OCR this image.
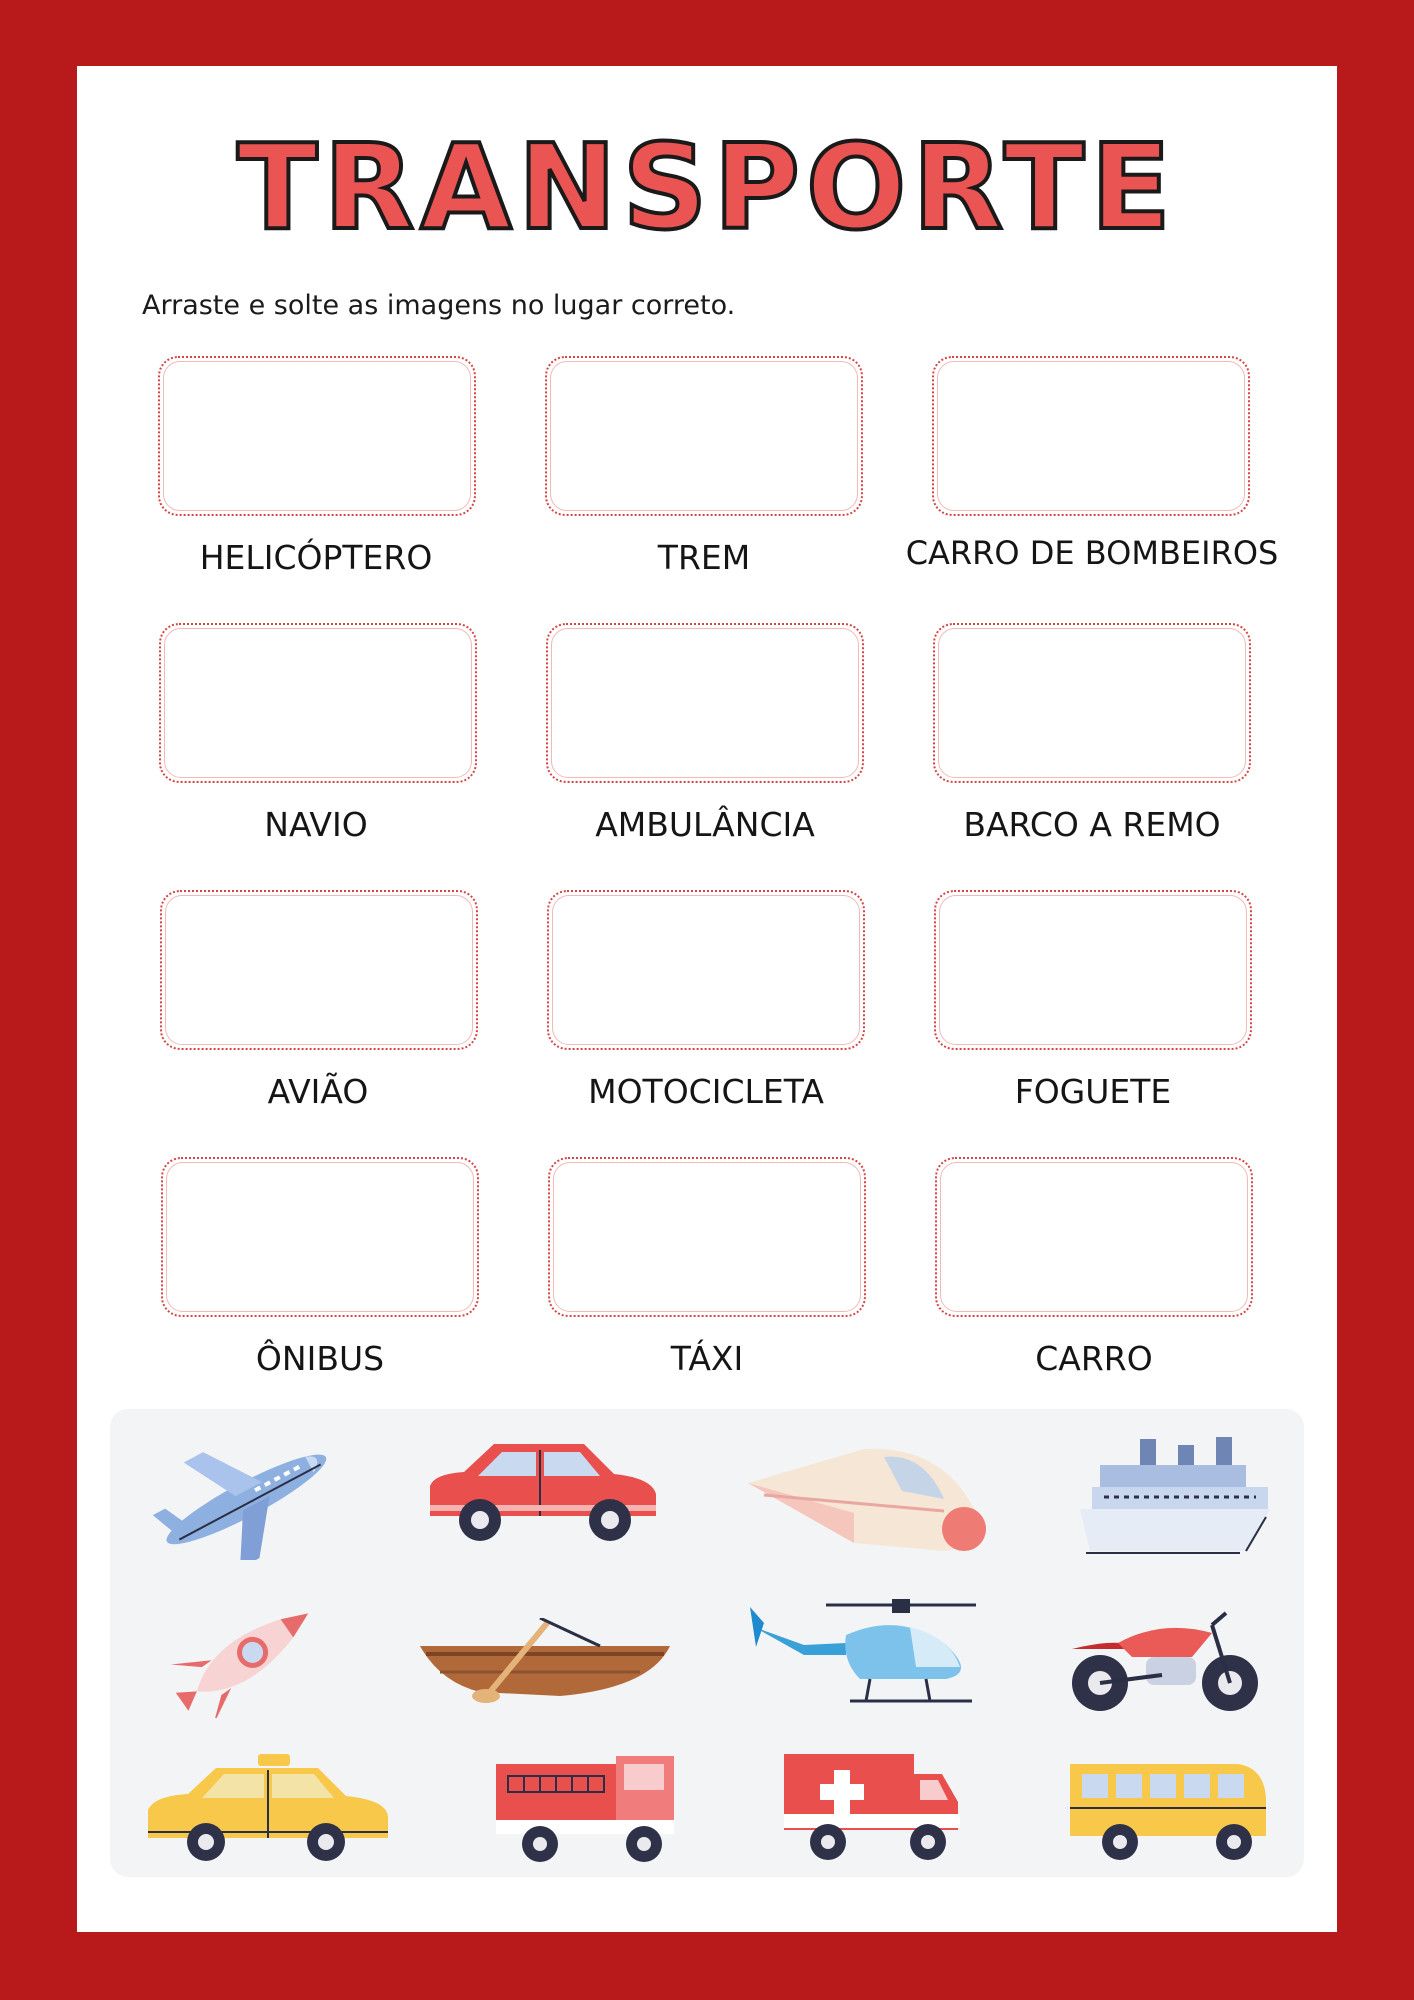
TRANSPORTE
Arraste e solte as imagens no lugar correto.
HELICÓPTERO	TREM	CARRO DE BOMBEIROS
NAVIO	AMBULÂNCIA	BARCO A REMO
AVIÃO	MOTOCICLETA	FOGUETE
ÔNIBUS	TÁXI	CARRO
